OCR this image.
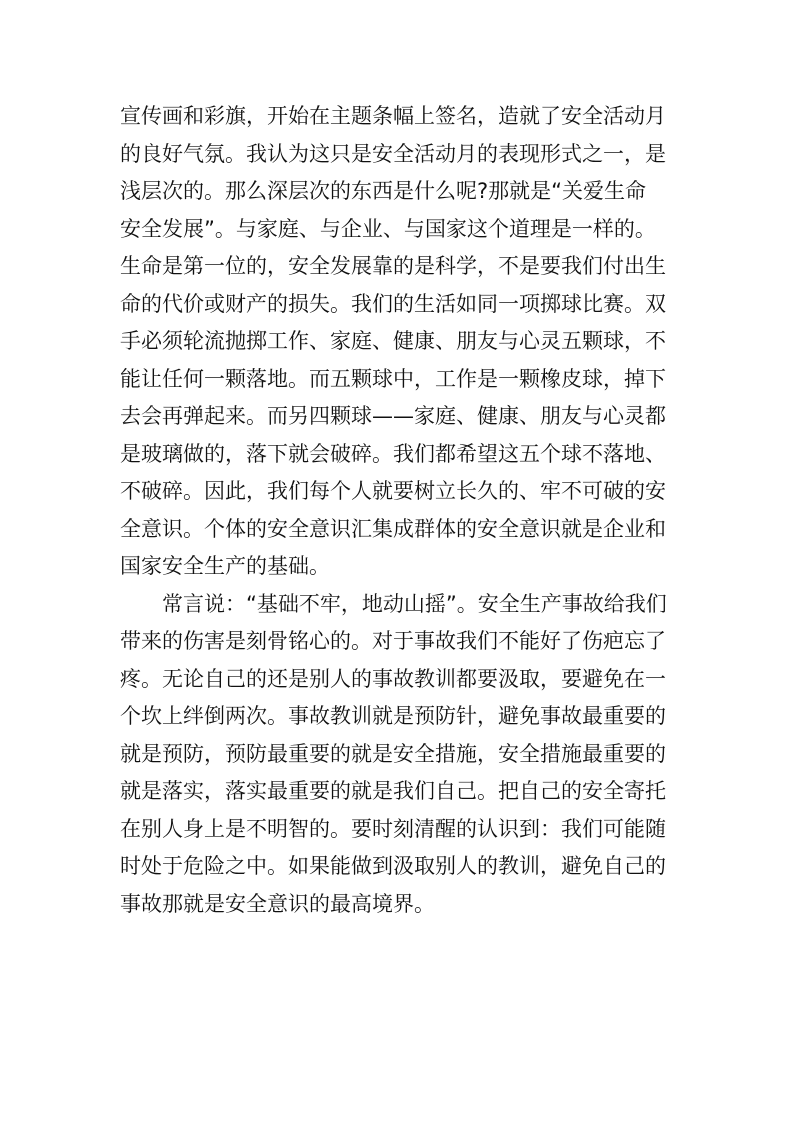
宣传画和彩旗，开始在主题条幅上签名，造就了安全活动月
的良好气氛。我认为这只是安全活动月的表现形式之一，是
浅层次的。那么深层次的东西是什么呢?那就是“关爱生命
安全发展”。与家庭、与企业、与国家这个道理是一样的。
生命是第一位的，安全发展靠的是科学，不是要我们付出生
命的代价或财产的损失。我们的生活如同一项掷球比赛。双
手必须轮流抛掷工作、家庭、健康、朋友与心灵五颗球，不
能让任何一颗落地。而五颗球中，工作是一颗橡皮球，掉下
去会再弹起来。而另四颗球——家庭、健康、朋友与心灵都
是玻璃做的，落下就会破碎。我们都希望这五个球不落地、
不破碎。因此，我们每个人就要树立长久的、牢不可破的安
全意识。个体的安全意识汇集成群体的安全意识就是企业和
国家安全生产的基础。
常言说：“基础不牢，地动山摇”。安全生产事故给我们
带来的伤害是刻骨铭心的。对于事故我们不能好了伤疤忘了
疼。无论自己的还是别人的事故教训都要汲取，要避免在一
个坎上绊倒两次。事故教训就是预防针，避免事故最重要的
就是预防，预防最重要的就是安全措施，安全措施最重要的
就是落实，落实最重要的就是我们自己。把自己的安全寄托
在别人身上是不明智的。要时刻清醒的认识到：我们可能随
时处于危险之中。如果能做到汲取别人的教训，避免自己的
事故那就是安全意识的最高境界。
